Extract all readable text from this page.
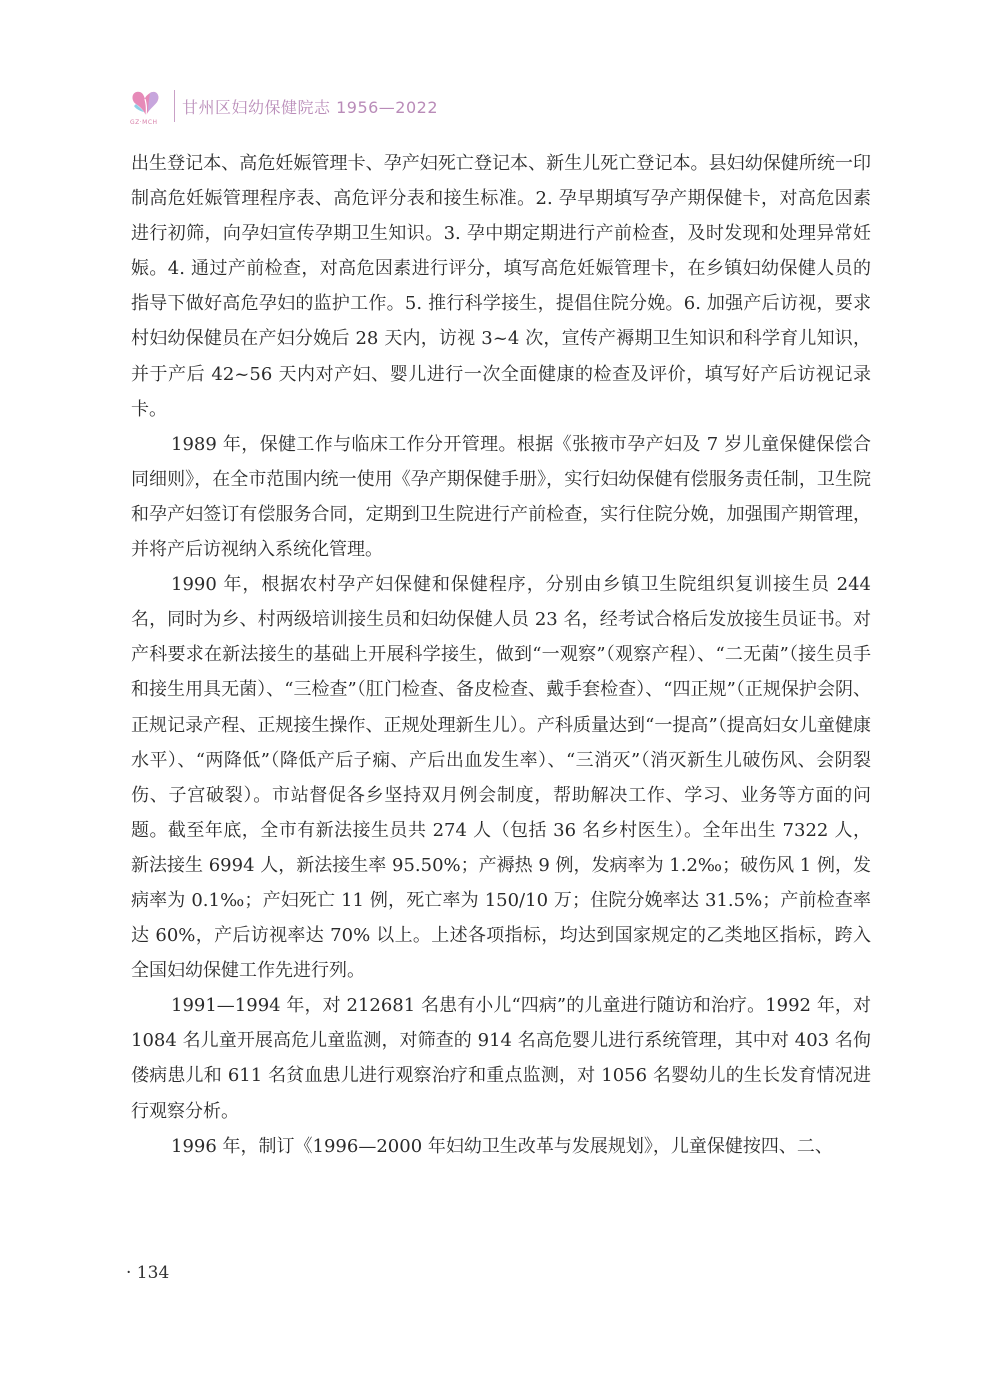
GZ·MCH
甘州区妇幼保健院志 1956—2022

出生登记本、高危妊娠管理卡、孕产妇死亡登记本、新生儿死亡登记本。县妇幼保健所统一印制高危妊娠管理程序表、高危评分表和接生标准。2. 孕早期填写孕产期保健卡，对高危因素进行初筛，向孕妇宣传孕期卫生知识。3. 孕中期定期进行产前检查，及时发现和处理异常妊娠。4. 通过产前检查，对高危因素进行评分，填写高危妊娠管理卡，在乡镇妇幼保健人员的指导下做好高危孕妇的监护工作。5. 推行科学接生，提倡住院分娩。6. 加强产后访视，要求村妇幼保健员在产妇分娩后 28 天内，访视 3~4 次，宣传产褥期卫生知识和科学育儿知识，并于产后 42~56 天内对产妇、婴儿进行一次全面健康的检查及评价，填写好产后访视记录卡。

1989 年，保健工作与临床工作分开管理。根据《张掖市孕产妇及 7 岁儿童保健保偿合同细则》，在全市范围内统一使用《孕产期保健手册》，实行妇幼保健有偿服务责任制，卫生院和孕产妇签订有偿服务合同，定期到卫生院进行产前检查，实行住院分娩，加强围产期管理，并将产后访视纳入系统化管理。

1990 年，根据农村孕产妇保健和保健程序，分别由乡镇卫生院组织复训接生员 244 名，同时为乡、村两级培训接生员和妇幼保健人员 23 名，经考试合格后发放接生员证书。对产科要求在新法接生的基础上开展科学接生，做到“一观察”（观察产程）、“二无菌”（接生员手和接生用具无菌）、“三检查”（肛门检查、备皮检查、戴手套检查）、“四正规”（正规保护会阴、正规记录产程、正规接生操作、正规处理新生儿）。产科质量达到“一提高”（提高妇女儿童健康水平）、“两降低”（降低产后子痫、产后出血发生率）、“三消灭”（消灭新生儿破伤风、会阴裂伤、子宫破裂）。市站督促各乡坚持双月例会制度，帮助解决工作、学习、业务等方面的问题。截至年底，全市有新法接生员共 274 人（包括 36 名乡村医生）。全年出生 7322 人，新法接生 6994 人，新法接生率 95.50%；产褥热 9 例，发病率为 1.2‰；破伤风 1 例，发病率为 0.1‰；产妇死亡 11 例，死亡率为 150/10 万；住院分娩率达 31.5%；产前检查率达 60%，产后访视率达 70% 以上。上述各项指标，均达到国家规定的乙类地区指标，跨入全国妇幼保健工作先进行列。

1991—1994 年，对 212681 名患有小儿“四病”的儿童进行随访和治疗。1992 年，对 1084 名儿童开展高危儿童监测，对筛查的 914 名高危婴儿进行系统管理，其中对 403 名佝偻病患儿和 611 名贫血患儿进行观察治疗和重点监测，对 1056 名婴幼儿的生长发育情况进行观察分析。

1996 年，制订《1996—2000 年妇幼卫生改革与发展规划》，儿童保健按四、二、

· 134
